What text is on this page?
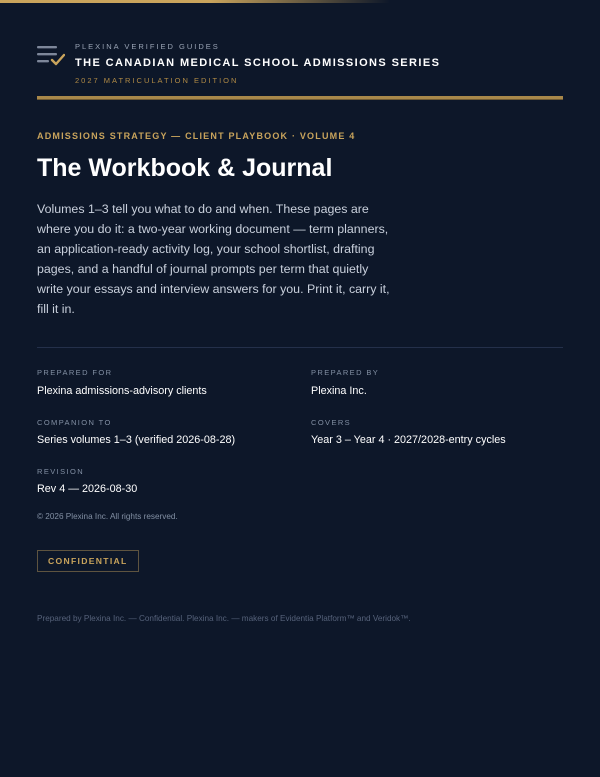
PLEXINA VERIFIED GUIDES
THE CANADIAN MEDICAL SCHOOL ADMISSIONS SERIES
2027 MATRICULATION EDITION
ADMISSIONS STRATEGY — CLIENT PLAYBOOK · VOLUME 4
The Workbook & Journal

Volumes 1–3 tell you what to do and when. These pages are where you do it: a two-year working document — term planners, an application-ready activity log, your school shortlist, drafting pages, and a handful of journal prompts per term that quietly write your essays and interview answers for you. Print it, carry it, fill it in.

PREPARED FOR
Plexina admissions-advisory clients
PREPARED BY
Plexina Inc.
COMPANION TO
Series volumes 1–3 (verified 2026-08-28)
COVERS
Year 3 – Year 4 · 2027/2028-entry cycles
REVISION
Rev 4 — 2026-08-30
© 2026 Plexina Inc. All rights reserved.
CONFIDENTIAL
Prepared by Plexina Inc. — Confidential. Plexina Inc. — makers of Evidentia Platform™ and Veridok™.
